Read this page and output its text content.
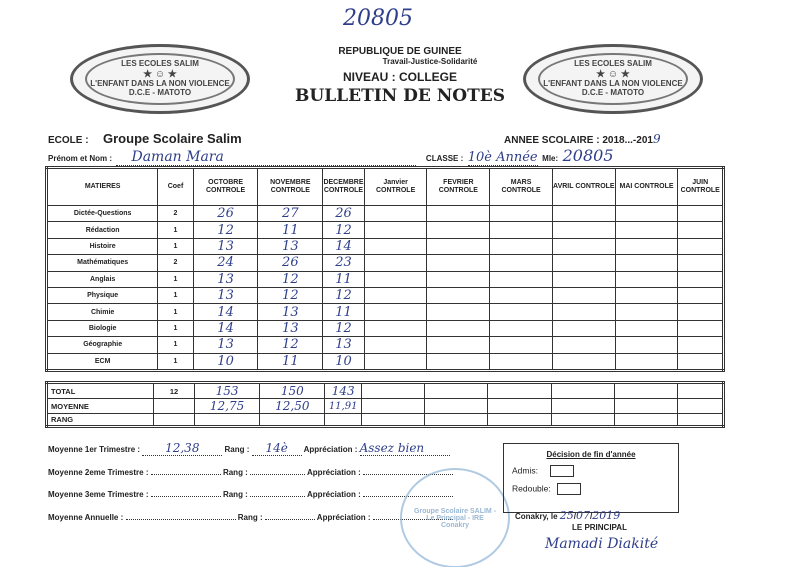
20805
LES ECOLES SALIM
★ ☺ ★
L'ENFANT DANS LA NON VIOLENCE
D.C.E - MATOTO
LES ECOLES SALIM
★ ☺ ★
L'ENFANT DANS LA NON VIOLENCE
D.C.E - MATOTO
REPUBLIQUE DE GUINEE
Travail-Justice-Solidarité
NIVEAU : COLLEGE
BULLETIN DE NOTES
ECOLE : Groupe Scolaire Salim	ANNEE SCOLAIRE : 2018...-2019
Prénom et Nom : Daman Mara	CLASSE : 10è Année Mle: 20805
MATIERES	Coef	OCTOBRE CONTROLE	NOVEMBRE CONTROLE	DECEMBRE CONTROLE	Janvier CONTROLE	FEVRIER CONTROLE	MARS CONTROLE	AVRIL CONTROLE	MAI CONTROLE	JUIN CONTROLE
Dictée-Questions	2	26	27	26						
Rédaction	1	12	11	12						
Histoire	1	13	13	14						
Mathématiques	2	24	26	23						
Anglais	1	13	12	11						
Physique	1	13	12	12						
Chimie	1	14	13	11						
Biologie	1	14	13	12						
Géographie	1	13	12	13						
ECM	1	10	11	10						
TOTAL	12	153	150	143						
MOYENNE		12,75	12,50	11,91						
RANG										
Moyenne 1er Trimestre : 12,38	Rang : 14è Appréciation : Assez bien
Moyenne 2eme Trimestre :	Rang :	Appréciation :
Moyenne 3eme Trimestre :	Rang :	Appréciation :
Moyenne Annuelle :	Rang :	Appréciation :
Groupe Scolaire SALIM - Le Principal - IRE Conakry
Décision de fin d'année
Admis:
Redouble:
Conakry, le 25/07/2019
LE PRINCIPAL
Mamadi Diakité
